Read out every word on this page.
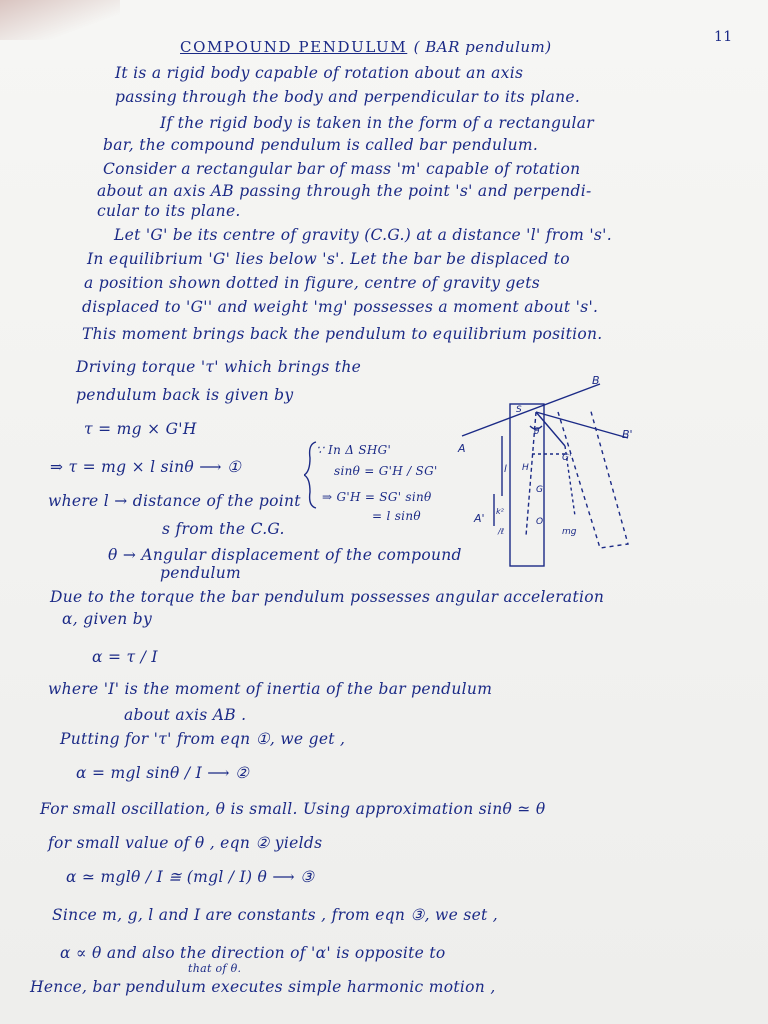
11
COMPOUND PENDULUM ( BAR pendulum)
It is a rigid body capable of rotation about an axis
passing through the body and perpendicular to its plane.
If the rigid body is taken in the form of a rectangular
bar, the compound pendulum is called bar pendulum.
Consider a rectangular bar of mass 'm' capable of rotation
about an axis AB passing through the point 's' and perpendi-
cular to its plane.
Let 'G' be its centre of gravity (C.G.) at a distance 'l' from 's'.
In equilibrium 'G' lies below 's'. Let the bar be displaced to
a position shown dotted in figure, centre of gravity gets
displaced to 'G'' and weight 'mg' possesses a moment about 's'.
This moment brings back the pendulum to equilibrium position.
Driving torque 'τ' which brings the
pendulum back is given by
τ = mg × G'H
⇒ τ = mg × l sinθ ⟶ ①
∵ In Δ SHG'
sinθ = G'H / SG'
⇒ G'H = SG' sinθ
= l sinθ
where l → distance of the point
s from the C.G.
θ → Angular displacement of the compound
pendulum
Due to the torque the bar pendulum possesses angular acceleration
α, given by
α = τ / I
where 'I' is the moment of inertia of the bar pendulum
about axis AB .
Putting for 'τ' from eqn ①, we get ,
α = mgl sinθ / I ⟶ ②
For small oscillation, θ is small. Using approximation sinθ ≃ θ
for small value of θ , eqn ② yields
α ≃ mglθ / I ≅ (mgl / I) θ ⟶ ③
Since m, g, l and I are constants , from eqn ③, we set ,
α ∝ θ and also the direction of 'α' is opposite to
that of θ.
Hence, bar pendulum executes simple harmonic motion ,
B
B'
A
A'
S
θ
H
G'
G
O
l
k²
/ℓ	mg
